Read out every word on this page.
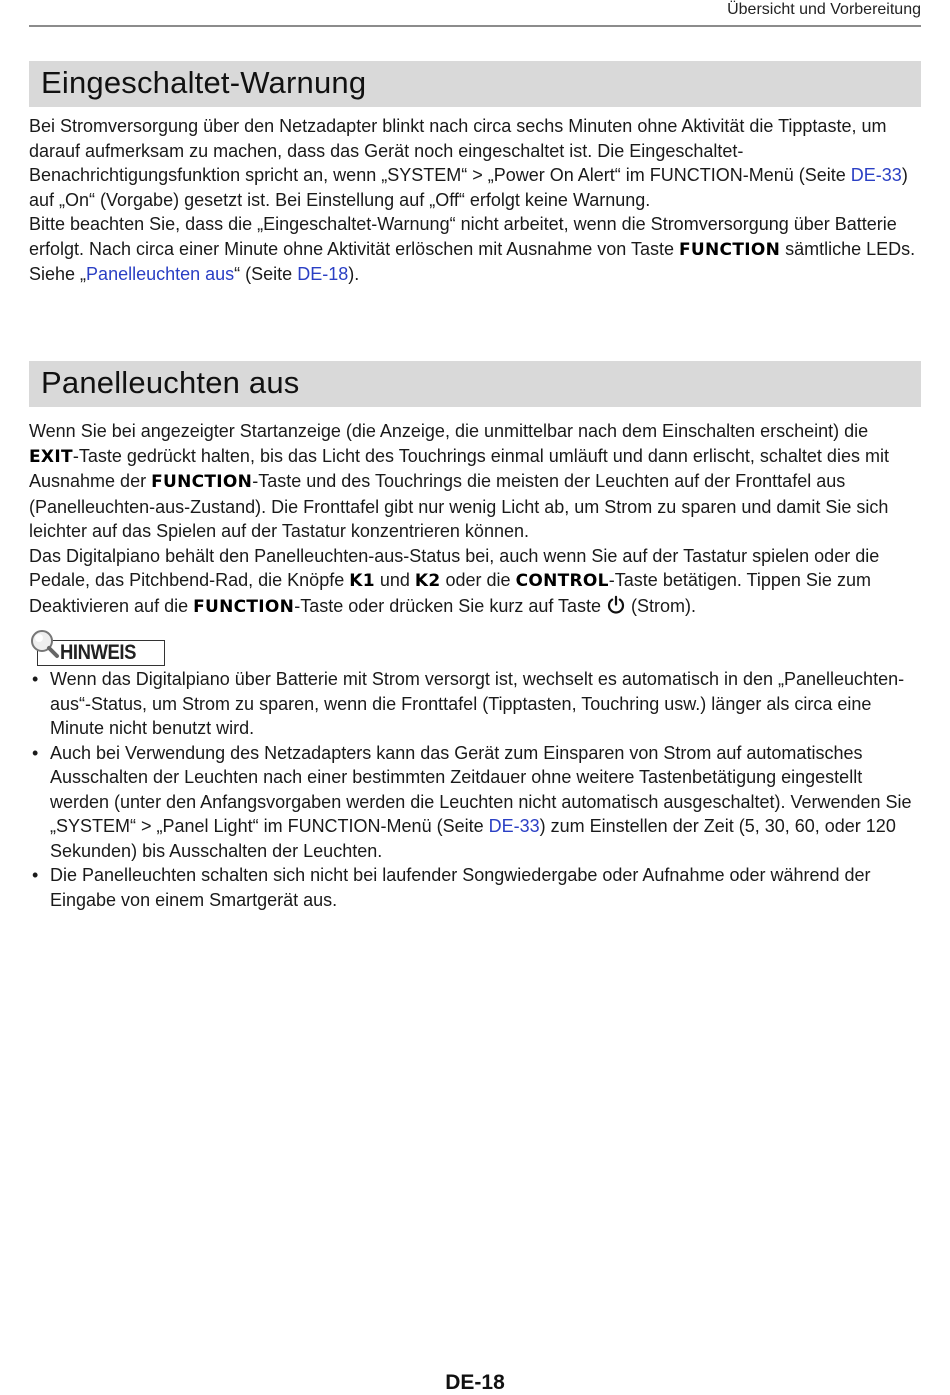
Übersicht und Vorbereitung
Eingeschaltet-Warnung

Bei Stromversorgung über den Netzadapter blinkt nach circa sechs Minuten ohne Aktivität die Tipptaste, um darauf aufmerksam zu machen, dass das Gerät noch eingeschaltet ist. Die Eingeschaltet-Benachrichtigungsfunktion spricht an, wenn „SYSTEM“ > „Power On Alert“ im FUNCTION-Menü (Seite DE-33) auf „On“ (Vorgabe) gesetzt ist. Bei Einstellung auf „Off“ erfolgt keine Warnung.

Bitte beachten Sie, dass die „Eingeschaltet-Warnung“ nicht arbeitet, wenn die Stromversorgung über Batterie erfolgt. Nach circa einer Minute ohne Aktivität erlöschen mit Ausnahme von Taste FUNCTION sämtliche LEDs. Siehe „Panelleuchten aus“ (Seite DE-18).

Panelleuchten aus

Wenn Sie bei angezeigter Startanzeige (die Anzeige, die unmittelbar nach dem Einschalten erscheint) die EXIT-Taste gedrückt halten, bis das Licht des Touchrings einmal umläuft und dann erlischt, schaltet dies mit Ausnahme der FUNCTION-Taste und des Touchrings die meisten der Leuchten auf der Fronttafel aus (Panelleuchten-aus-Zustand). Die Fronttafel gibt nur wenig Licht ab, um Strom zu sparen und damit Sie sich leichter auf das Spielen auf der Tastatur konzentrieren können.

Das Digitalpiano behält den Panelleuchten-aus-Status bei, auch wenn Sie auf der Tastatur spielen oder die Pedale, das Pitchbend-Rad, die Knöpfe K1 und K2 oder die CONTROL-Taste betätigen. Tippen Sie zum Deaktivieren auf die FUNCTION-Taste oder drücken Sie kurz auf Taste  (Strom).

HINWEIS
• Wenn das Digitalpiano über Batterie mit Strom versorgt ist, wechselt es automatisch in den „Panelleuchten-aus“-Status, um Strom zu sparen, wenn die Fronttafel (Tipptasten, Touchring usw.) länger als circa eine Minute nicht benutzt wird.
• Auch bei Verwendung des Netzadapters kann das Gerät zum Einsparen von Strom auf automatisches Ausschalten der Leuchten nach einer bestimmten Zeitdauer ohne weitere Tastenbetätigung eingestellt werden (unter den Anfangsvorgaben werden die Leuchten nicht automatisch ausgeschaltet). Verwenden Sie „SYSTEM“ > „Panel Light“ im FUNCTION-Menü (Seite DE-33) zum Einstellen der Zeit (5, 30, 60, oder 120 Sekunden) bis Ausschalten der Leuchten.
• Die Panelleuchten schalten sich nicht bei laufender Songwiedergabe oder Aufnahme oder während der Eingabe von einem Smartgerät aus.
DE-18
